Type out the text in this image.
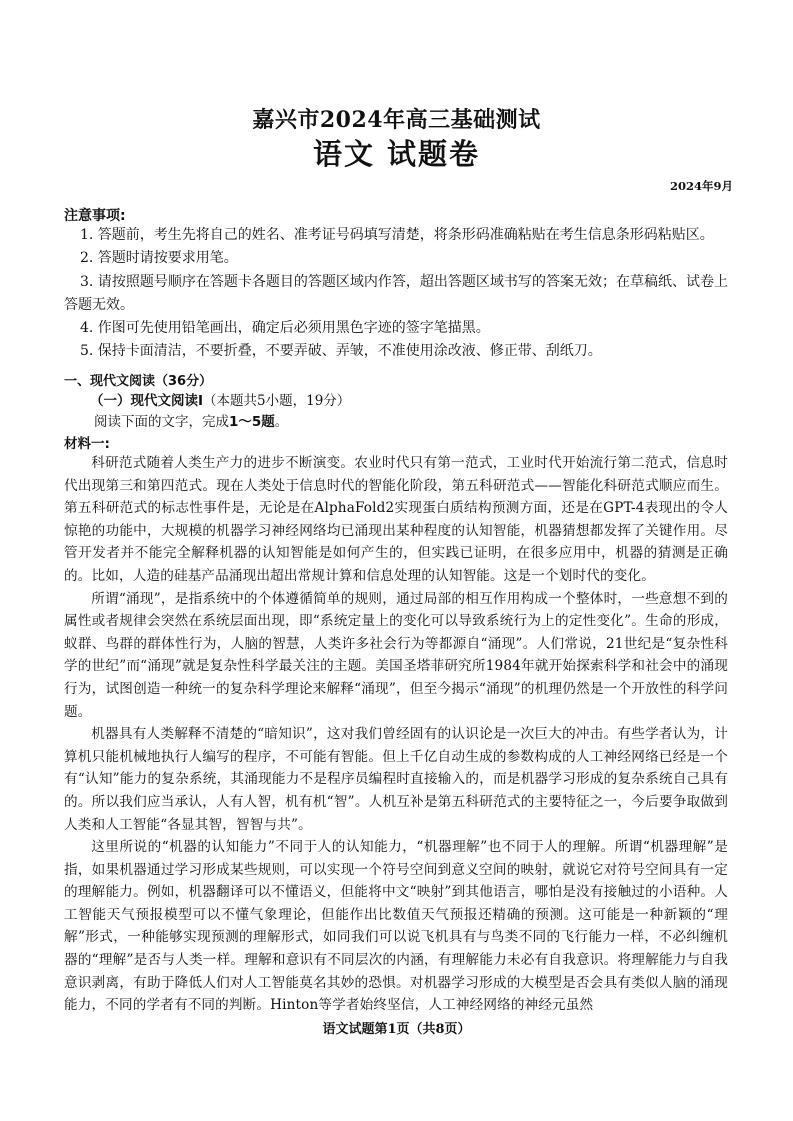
嘉兴市2024年高三基础测试
语文 试题卷
2024年9月
注意事项:
1. 答题前，考生先将自己的姓名、准考证号码填写清楚，将条形码准确粘贴在考生信息条形码粘贴区。
2. 答题时请按要求用笔。
3. 请按照题号顺序在答题卡各题目的答题区域内作答，超出答题区域书写的答案无效；在草稿纸、试卷上答题无效。
4. 作图可先使用铅笔画出，确定后必须用黑色字迹的签字笔描黑。
5. 保持卡面清洁，不要折叠，不要弄破、弄皱，不准使用涂改液、修正带、刮纸刀。
一、现代文阅读（36分）
（一）现代文阅读Ⅰ（本题共5小题，19分）
阅读下面的文字，完成1～5题。
材料一:

科研范式随着人类生产力的进步不断演变。农业时代只有第一范式，工业时代开始流行第二范式，信息时代出现第三和第四范式。现在人类处于信息时代的智能化阶段，第五科研范式——智能化科研范式顺应而生。第五科研范式的标志性事件是，无论是在AlphaFold2实现蛋白质结构预测方面，还是在GPT-4表现出的令人惊艳的功能中，大规模的机器学习神经网络均已涌现出某种程度的认知智能，机器猜想都发挥了关键作用。尽管开发者并不能完全解释机器的认知智能是如何产生的，但实践已证明，在很多应用中，机器的猜测是正确的。比如，人造的硅基产品涌现出超出常规计算和信息处理的认知智能。这是一个划时代的变化。

所谓“涌现”，是指系统中的个体遵循简单的规则，通过局部的相互作用构成一个整体时，一些意想不到的属性或者规律会突然在系统层面出现，即“系统定量上的变化可以导致系统行为上的定性变化”。生命的形成，蚁群、鸟群的群体性行为，人脑的智慧，人类许多社会行为等都源自“涌现”。人们常说，21世纪是“复杂性科学的世纪”而“涌现”就是复杂性科学最关注的主题。美国圣塔菲研究所1984年就开始探索科学和社会中的涌现行为，试图创造一种统一的复杂科学理论来解释“涌现”，但至今揭示“涌现”的机理仍然是一个开放性的科学问题。

机器具有人类解释不清楚的“暗知识”，这对我们曾经固有的认识论是一次巨大的冲击。有些学者认为，计算机只能机械地执行人编写的程序，不可能有智能。但上千亿自动生成的参数构成的人工神经网络已经是一个有“认知”能力的复杂系统，其涌现能力不是程序员编程时直接输入的，而是机器学习形成的复杂系统自己具有的。所以我们应当承认，人有人智，机有机“智”。人机互补是第五科研范式的主要特征之一，今后要争取做到人类和人工智能“各显其智，智智与共”。

这里所说的“机器的认知能力”不同于人的认知能力，“机器理解”也不同于人的理解。所谓“机器理解”是指，如果机器通过学习形成某些规则，可以实现一个符号空间到意义空间的映射，就说它对符号空间具有一定的理解能力。例如，机器翻译可以不懂语义，但能将中文“映射”到其他语言，哪怕是没有接触过的小语种。人工智能天气预报模型可以不懂气象理论，但能作出比数值天气预报还精确的预测。这可能是一种新颖的“理解”形式，一种能够实现预测的理解形式，如同我们可以说飞机具有与鸟类不同的飞行能力一样，不必纠缠机器的“理解”是否与人类一样。理解和意识有不同层次的内涵，有理解能力未必有自我意识。将理解能力与自我意识剥离，有助于降低人们对人工智能莫名其妙的恐惧。对机器学习形成的大模型是否会具有类似人脑的涌现能力，不同的学者有不同的判断。Hinton等学者始终坚信，人工神经网络的神经元虽然

语文试题第1页（共8页）
